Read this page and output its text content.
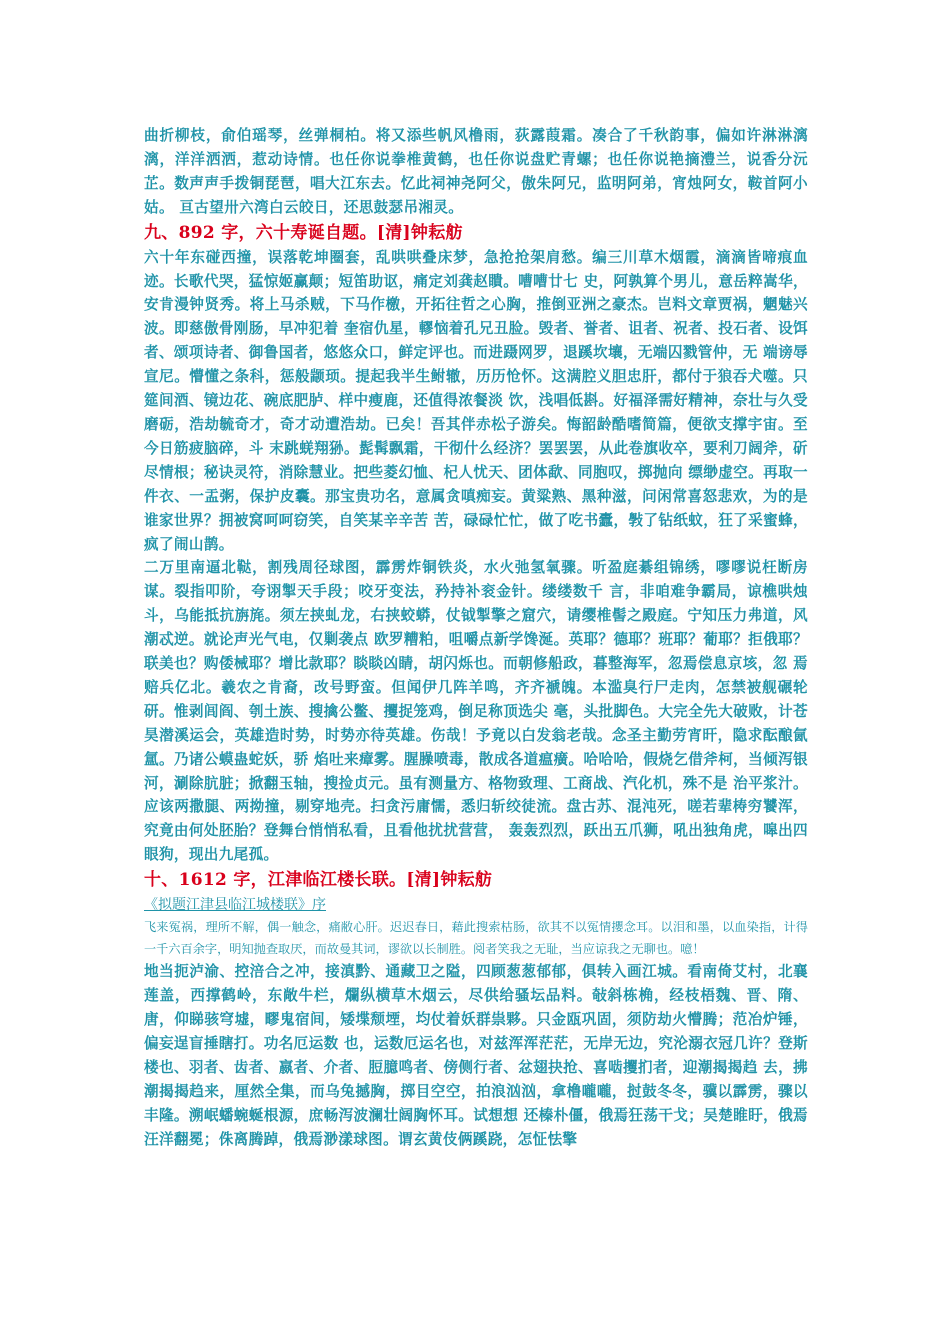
曲折柳枝，俞伯瑶琴，丝弹桐柏。将又添些帆风橹雨，荻露葭霜。凑合了千秋韵事，偏如许淋淋漓漓，洋洋洒洒，惹动诗情。也任你说拳椎黄鹤，也任你说盘贮青螺；也任你说艳摘澧兰，说香分沅芷。数声声手拨铜琵琶，唱大江东去。忆此祠神尧阿父，傲朱阿兄，监明阿弟，宵烛阿女，鞍首阿小姑。 亘古望卅六湾白云皎日，还思鼓瑟吊湘灵。

九、892 字，六十寿诞自题。[清]钟耘舫

六十年东碰西撞，误落乾坤圈套，乱哄哄叠床梦，急抢抢架肩愁。编三川草木烟霞，滴滴皆啼痕血迹。长歌代哭，猛惊姬赢颠；短笛助讴，痛定刘龚赵瞶。嘈嘈廿七 史，阿孰算个男儿，意岳粹嵩华，安肯漫钟贤秀。将上马杀贼，下马作檄，开拓往哲之心胸，推倒亚洲之豪杰。岂料文章贾祸，魍魅兴波。即慈傲骨刚肠，早冲犯着 奎宿仇星，轇恼着孔兄丑脸。毁者、誉者、诅者、祝者、投石者、设饵者、颂项诗者、御鲁国者，悠悠众口，鲜定评也。而进蹑网罗，退蹊坎壤，无端囚戮管仲，无 端谤辱宣尼。懵懂之条科，惩般颛顼。提起我半生鲋辙，历历怆怀。这满腔义胆忠肝，都付于狼吞犬噬。只筵间酒、镜边花、碗底肥胪、样中瘦鹿，还值得浓餐淡 饮，浅唱低斟。好福泽需好精神，奈壮与久受磨砺，浩劫毓奇才，奇才动遭浩劫。已矣！吾其伴赤松子游矣。悔韶龄酷嗜简篇，便欲支撑宇宙。至今日筋疲脑碎，斗 末跳蜣翔狲。髭髯飘霜，干彻什么经济？罢罢罢，从此卷旗收卒，要利刀阔斧，斫尽情根；秘诀灵符，消除慧业。把些菱幻恤、杞人忧天、团体歃、同胞叹，掷抛向 缥缈虚空。再取一件衣、一盂粥，保护皮囊。那宝贵功名，意属贪嗔痴妄。黄粱熟、黑种滋，问闲常喜怒悲欢，为的是谁家世界？拥被窝呵呵窃笑，自笑某辛辛苦 苦，碌碌忙忙，做了吃书蠹，斅了钻纸蚊，狂了采蜜蜂，疯了闹山鹊。

二万里南逼北鞑，割残周径球图，霹雳炸铜铁炎，水火弛氢氧骤。听盈庭綦组锦绣，嘐嘐说枉断房谋。裂指叩阶，夸诩掣天手段；咬牙变法，矜持补衮金针。缕缕数千 言，非咱难争霸局，谅樵哄烛斗，乌能抵抗旃旄。须左挟虬龙，右挟蛟蟒，仗钺掣擎之窟穴，请缨椎髻之殿庭。宁知压力弗道，风潮忒逆。就论声光气电，仅剿袭点 欧罗糟粕，咀嚼点新学馋涎。英耶？德耶？班耶？葡耶？拒俄耶？联美也？购倭械耶？增比款耶？睒睒凶睛，胡闪烁也。而朝修船政，暮整海军，忽焉偿息京垓，忽 焉赔兵亿北。羲农之肯裔，改号野蛮。但闻伊几阵羊鸣，齐齐褫魄。本滥臭行尸走肉，怎禁被舰碾轮研。惟剥闾阎、刳土族、搜擒公鳖、攫捉笼鸡，倒足称顶选尖 毫，头批脚色。大完全先大破败，计苍昊潜溪运会，英雄造时势，时势亦待英雄。伤哉！予竟以白发翁老哉。念圣主勤劳宵旰，隐求酝酿氤氲。乃诸公蟆蛊蛇妖，骄 焰吐来瘴雾。腥臊喷毒，散成各道瘟癀。哈哈哈，假烧乞借斧柯，当倾泻银河，涮除肮脏；掀翻玉轴，搜捡贞元。虽有测量方、格物致理、工商战、汽化机，殊不是 治平浆汁。应该两撒腿、两拗撞，剔穿地壳。扫贪污庸懦，悉归斩绞徒流。盘古苏、混沌死，嗟若辈梼穷饕浑，究竟由何处胚胎？登舞台悄悄私看，且看他扰扰营营， 轰轰烈烈，跃出五爪狮，吼出独角虎，嗥出四眼狗，现出九尾孤。

十、1612 字，江津临江楼长联。[清]钟耘舫

《拟题江津县临江城楼联》序

飞来冤祸，理所不解，偶一触念，痛敝心肝。迟迟春日，藉此搜索枯肠，欲其不以冤情攖念耳。以泪和墨，以血染指，计得一千六百余字，明知抛查取厌，而故曼其词，谬欲以长制胜。阅者笑我之无耻，当应谅我之无聊也。噫！

地当扼泸渝、控涪合之冲，接滇黔、通藏卫之隘，四顾葱葱郁郁，俱转入画江城。看南倚艾村，北襄莲盖，西撑鹤岭，东敞牛栏，爛纵横草木烟云，尽供给骚坛品料。敧斜栋桷，经枝梧魏、晋、隋、唐，仰睇骇穹墟，疁鬼宿间，矮堞颓堙，均仗着妖群祟夥。只金瓯巩固，须防劫火懵腾；范冶炉锤，偏妄逞盲捶瞎打。功名厄运数 也，运数厄运名也，对兹浑浑茫茫，无岸无边，究沦溺衣冠几许？登斯楼也、羽者、齿者、嬴者、介者、脰臆鸣者、傍侧行者、忿翅抉抢、喜啮攫扪者，迎潮揭揭趋 去，拂潮揭揭趋来，厘然全集，而乌兔撼胸，掷目空空，拍浪汹汹，拿橹嚨嚨，挝鼓冬冬，骥以霹雳，骤以丰隆。溯岷蟠蜿蜒根源，庶畅泻波澜壮阔胸怀耳。试想想 还榛朴僵，俄焉狂荡干戈；吴楚睢盱，俄焉汪洋翻冕；侏离腾踔，俄焉渺漾球图。谓玄黄伎俩蹊跷，怎怔怯擎
